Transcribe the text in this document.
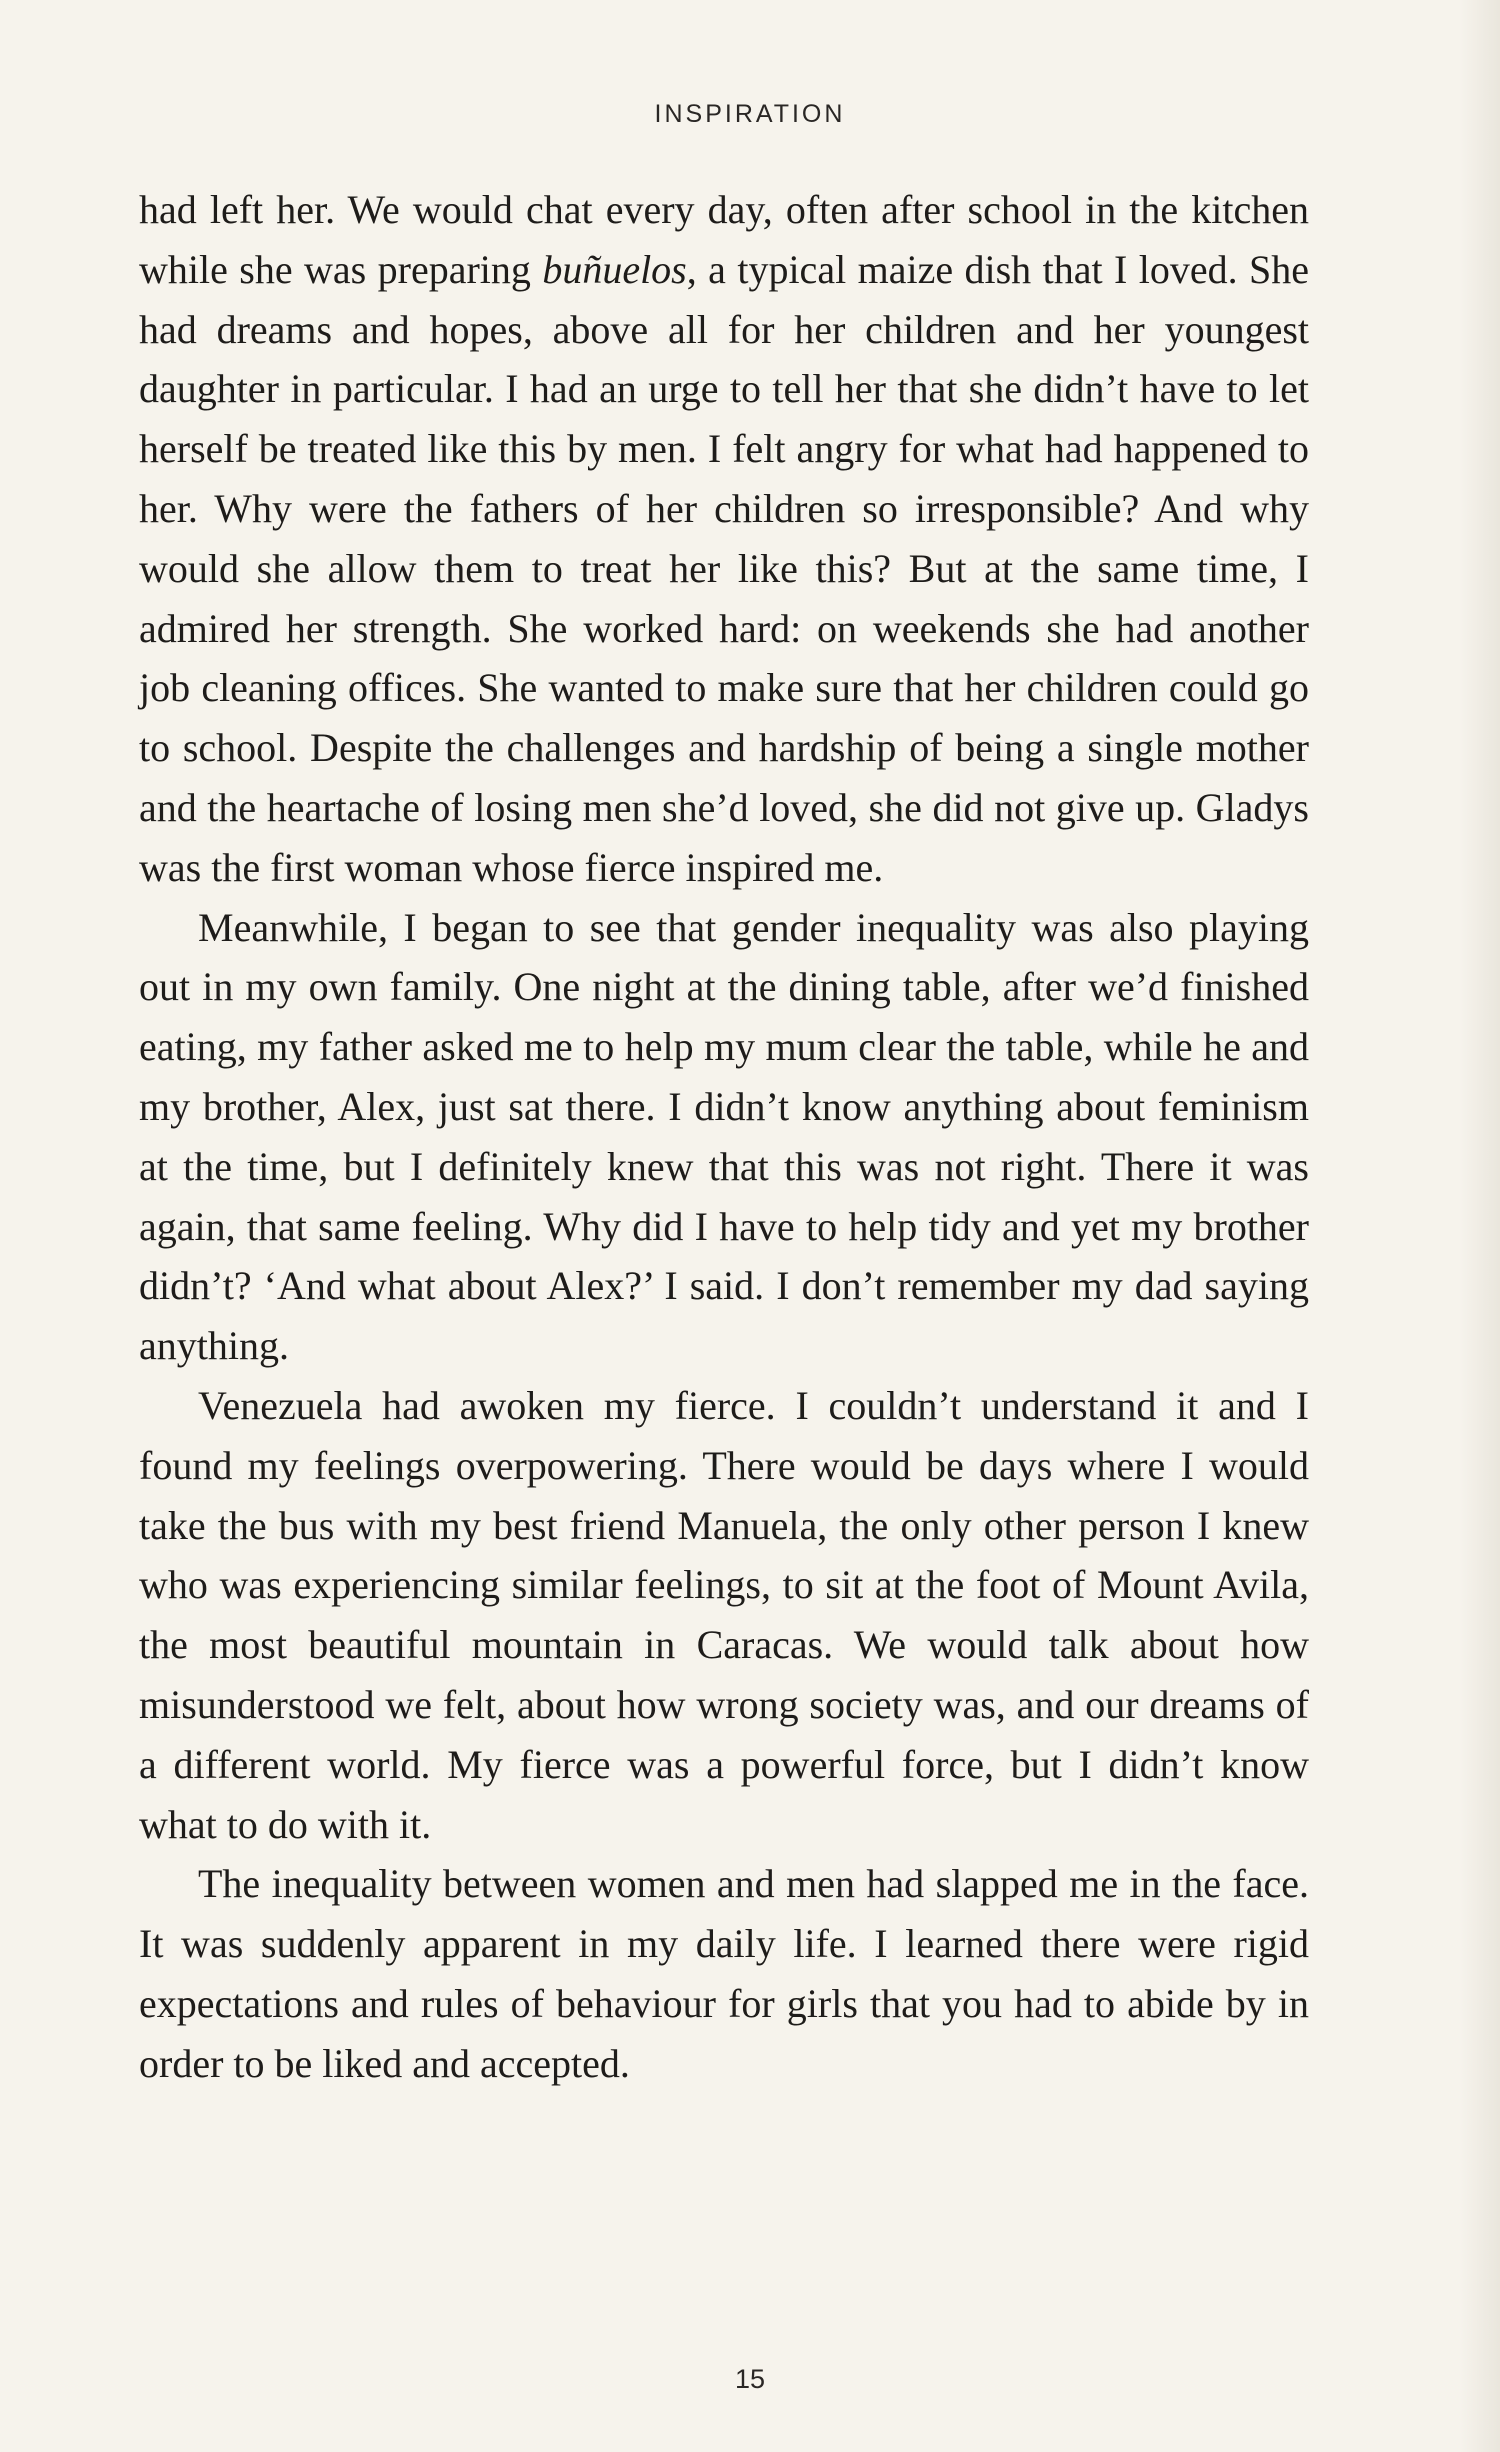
INSPIRATION

had left her. We would chat every day, often after school in the kitchen while she was preparing buñuelos, a typical maize dish that I loved. She had dreams and hopes, above all for her children and her youngest daughter in particular. I had an urge to tell her that she didn’t have to let herself be treated like this by men. I felt angry for what had happened to her. Why were the fathers of her children so irresponsible? And why would she allow them to treat her like this? But at the same time, I admired her strength. She worked hard: on weekends she had another job cleaning offices. She wanted to make sure that her children could go to school. Despite the challenges and hardship of being a single mother and the heartache of losing men she’d loved, she did not give up. Gladys was the first woman whose fierce inspired me.

Meanwhile, I began to see that gender inequality was also playing out in my own family. One night at the dining table, after we’d finished eating, my father asked me to help my mum clear the table, while he and my brother, Alex, just sat there. I didn’t know anything about feminism at the time, but I definitely knew that this was not right. There it was again, that same feeling. Why did I have to help tidy and yet my brother didn’t? ‘And what about Alex?’ I said. I don’t remember my dad saying anything.

Venezuela had awoken my fierce. I couldn’t understand it and I found my feelings overpowering. There would be days where I would take the bus with my best friend Manuela, the only other person I knew who was experiencing similar feelings, to sit at the foot of Mount Avila, the most beautiful mountain in Caracas. We would talk about how misunderstood we felt, about how wrong society was, and our dreams of a different world. My fierce was a powerful force, but I didn’t know what to do with it.

The inequality between women and men had slapped me in the face. It was suddenly apparent in my daily life. I learned there were rigid expectations and rules of behaviour for girls that you had to abide by in order to be liked and accepted.

15
